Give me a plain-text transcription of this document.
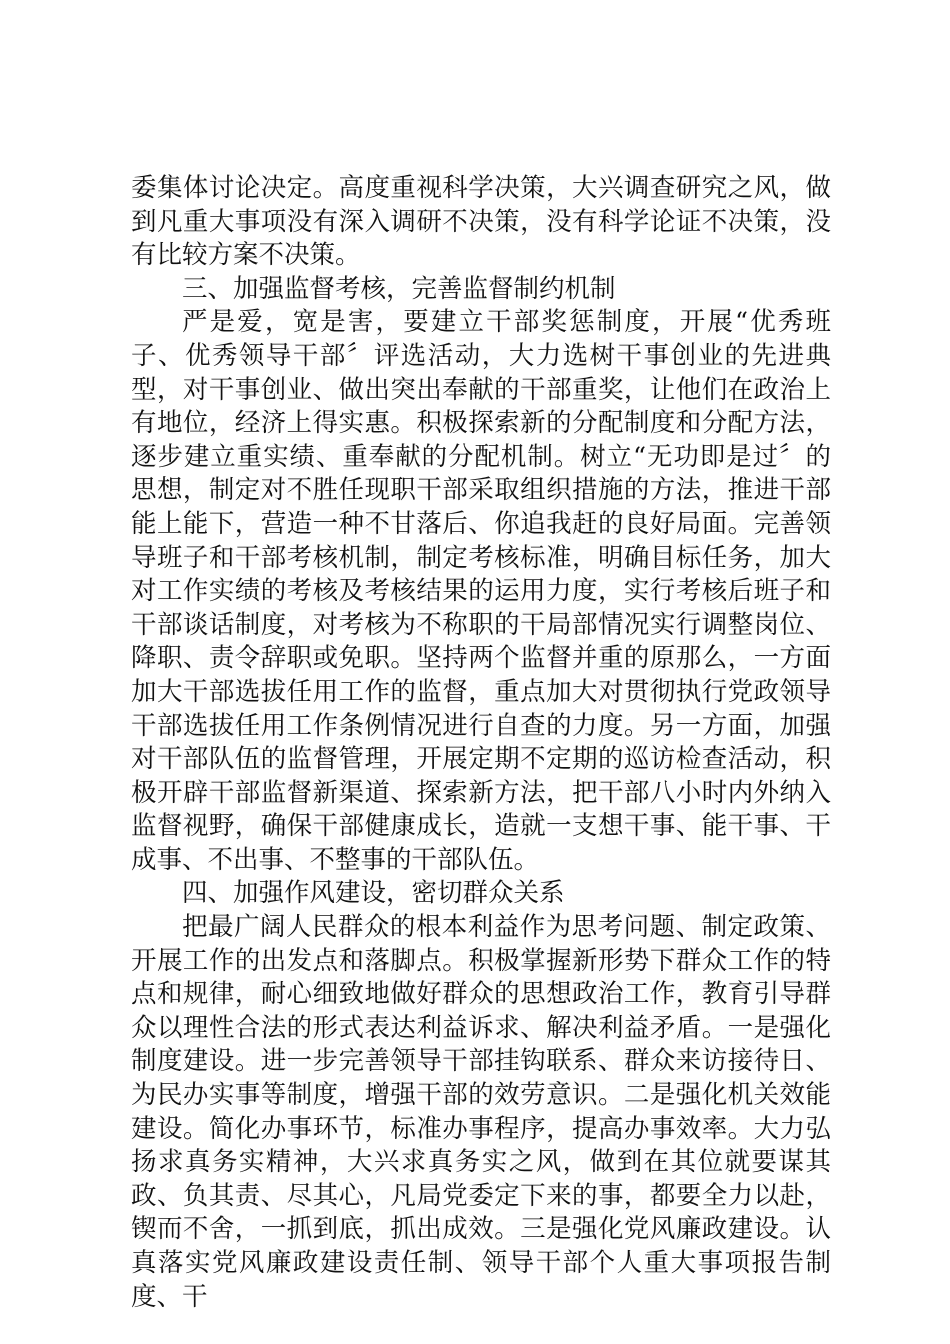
委集体讨论决定。高度重视科学决策，大兴调查研究之风，做到凡重大事项没有深入调研不决策，没有科学论证不决策，没有比较方案不决策。

三、加强监督考核，完善监督制约机制

严是爱，宽是害，要建立干部奖惩制度，开展“优秀班子、优秀领导干部〞评选活动，大力选树干事创业的先进典型，对干事创业、做出突出奉献的干部重奖，让他们在政治上有地位，经济上得实惠。积极探索新的分配制度和分配方法，逐步建立重实绩、重奉献的分配机制。树立“无功即是过〞的思想，制定对不胜任现职干部采取组织措施的方法，推进干部能上能下，营造一种不甘落后、你追我赶的良好局面。完善领导班子和干部考核机制，制定考核标准，明确目标任务，加大对工作实绩的考核及考核结果的运用力度，实行考核后班子和干部谈话制度，对考核为不称职的干局部情况实行调整岗位、降职、责令辞职或免职。坚持两个监督并重的原那么，一方面加大干部选拔任用工作的监督，重点加大对贯彻执行党政领导干部选拔任用工作条例情况进行自查的力度。另一方面，加强对干部队伍的监督管理，开展定期不定期的巡访检查活动，积极开辟干部监督新渠道、探索新方法，把干部八小时内外纳入监督视野，确保干部健康成长，造就一支想干事、能干事、干成事、不出事、不整事的干部队伍。

四、加强作风建设，密切群众关系

把最广阔人民群众的根本利益作为思考问题、制定政策、开展工作的出发点和落脚点。积极掌握新形势下群众工作的特点和规律，耐心细致地做好群众的思想政治工作，教育引导群众以理性合法的形式表达利益诉求、解决利益矛盾。一是强化制度建设。进一步完善领导干部挂钩联系、群众来访接待日、为民办实事等制度，增强干部的效劳意识。二是强化机关效能建设。简化办事环节，标准办事程序，提高办事效率。大力弘扬求真务实精神，大兴求真务实之风，做到在其位就要谋其政、负其责、尽其心，凡局党委定下来的事，都要全力以赴，锲而不舍，一抓到底，抓出成效。三是强化党风廉政建设。认真落实党风廉政建设责任制、领导干部个人重大事项报告制度、干
